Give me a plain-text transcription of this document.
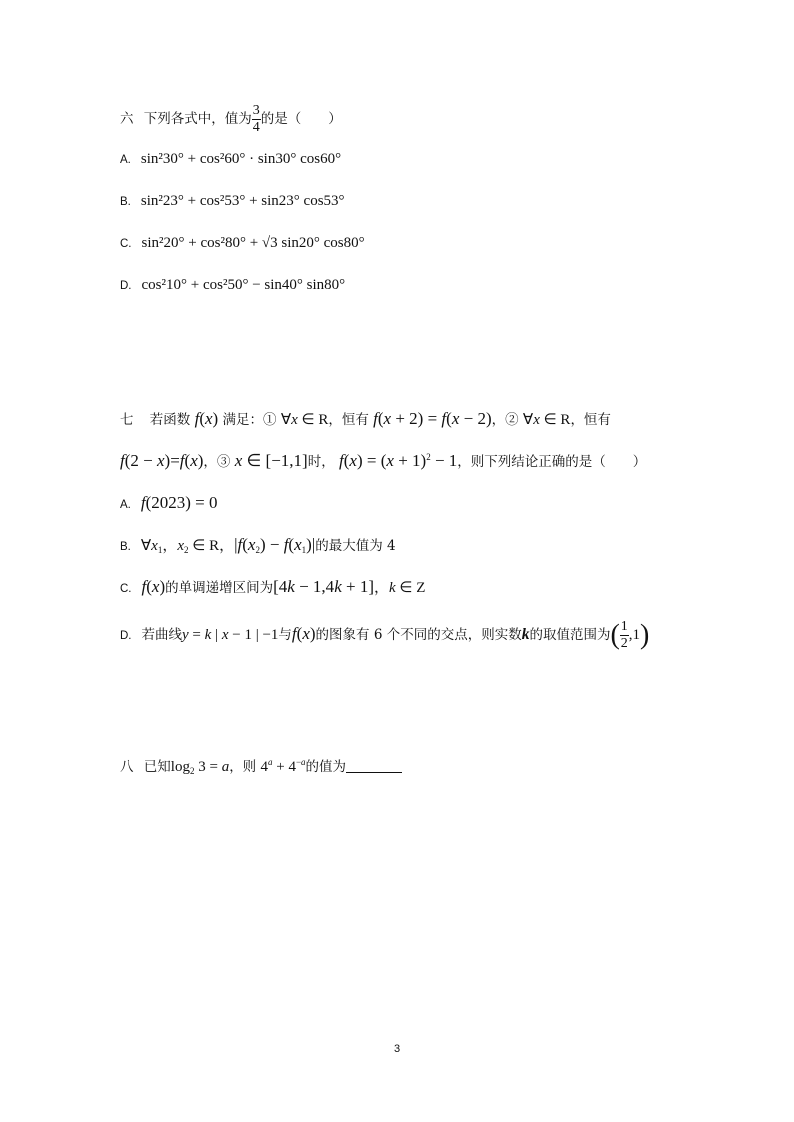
六 下列各式中，值为 $\frac{3}{4}$ 的是（　　）
A. sin²30° + cos²60° · sin30° cos60°
B. sin²23° + cos²53° + sin23° cos53°
C. sin²20° + cos²80° + √3 sin20° cos80°
D. cos²10° + cos²50° − sin40° sin80°
七 若函数 f(x) 满足：① ∀x ∈ R，恒有 f(x + 2) = f(x − 2)，② ∀x ∈ R，恒有
f(2 − x)=f(x)，③ x ∈ [−1,1]时， $f(x) = (x + 1)^2 - 1$，则下列结论正确的是（　　）
A. f(2023) = 0
B. $\forall x_1$，$x_2$ ∈ R，$|f(x_2) - f(x_1)|$的最大值为 4
C. f(x)的单调递增区间为[4k − 1,4k + 1]，k ∈ Z
D. 若曲线y = k | x − 1 | −1与f(x)的图象有 6 个不同的交点，则实数k的取值范围为( $\frac{1}{2} ,1$)
八 已知$\log_2 3 = a$，则 $4^a + 4^{-a}$的值为
3
